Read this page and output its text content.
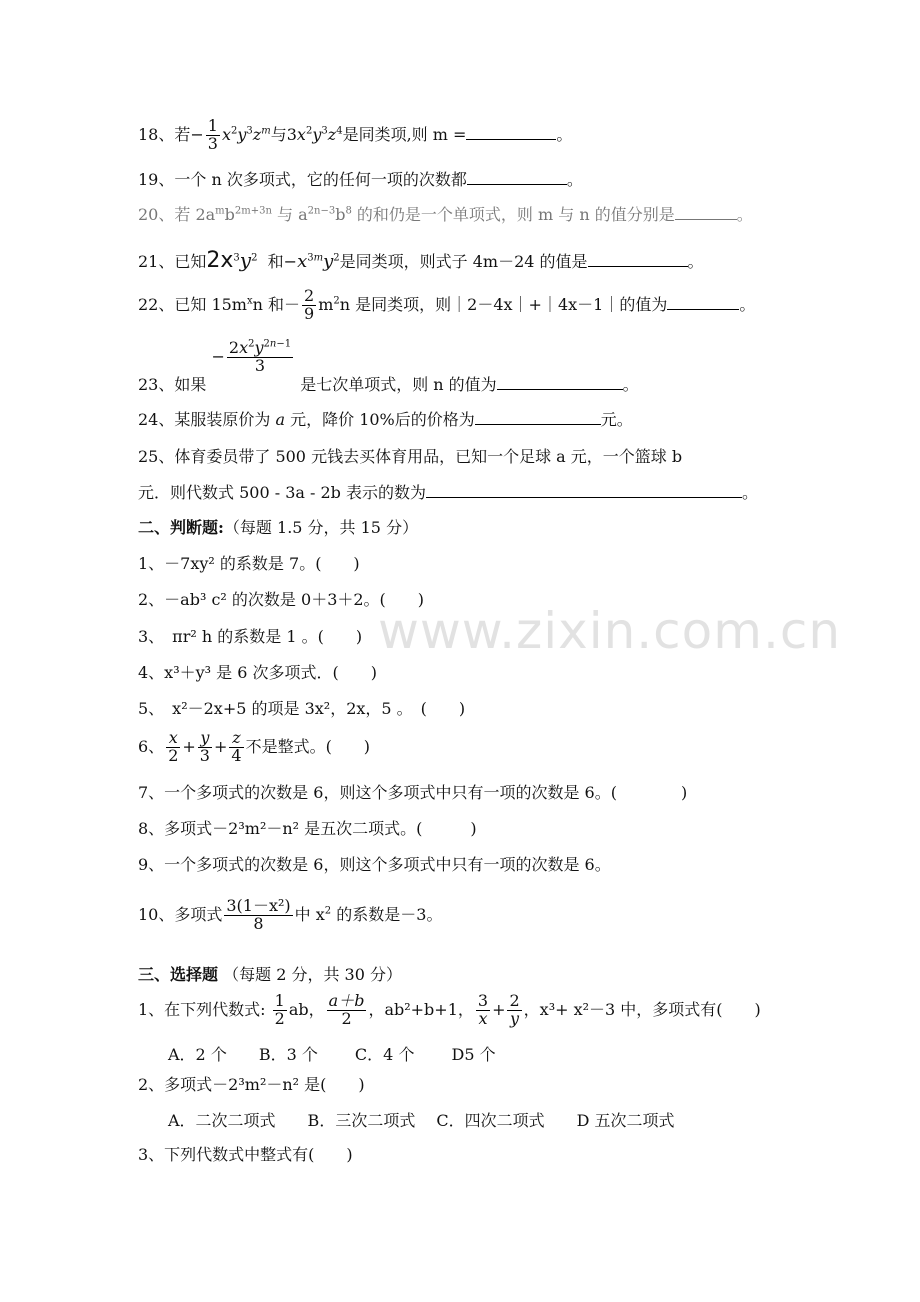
18、若− $\frac{1}{3} x^2y^3z^m$与$3x^2y^3z^4$是同类项,则 m =	。
19、一个 n 次多项式，它的任何一项的次数都	。
20、若 $2a^mb^{2m+3n}$ 与 $a^{2n-3}b^8$ 的和仍是一个单项式，则 m 与 n 的值分别是	。
21、已知$2x^3y^2$ 和$-x^{3m}y^2$是同类项，则式子 4m－24 的值是	。
22、已知 $15m^xn$ 和－ $\frac{2}{9} m^2n$ 是同类项，则｜2－4x｜+｜4x－1｜的值为	。
23、如果 − $\frac{2x^2y^{2n-1}}{3}$
是七次单项式，则 n 的值为	。
24、某服装原价为 a 元，降价 10%后的价格为	元。
25、体育委员带了 500 元钱去买体育用品，已知一个足球 a 元，一个篮球 b
元．则代数式 500 - 3a - 2b 表示的数为	。
二、判断题:（每题 1.5 分，共 15 分）
1、－7xy² 的系数是 7。(　　)
2、－ab³ c² 的次数是 0＋3＋2。(　　)
3、　πr² h 的系数是 1 。(　　)
4、x³＋y³ 是 6 次多项式．(　　)
5、　x²－2x+5 的项是 3x²，2x，5 。　(　　)
6、 $\frac{x}{2} + \frac{y}{3} + \frac{z}{4}$ 不是整式。(　　)
7、一个多项式的次数是 6，则这个多项式中只有一项的次数是 6。(　　　　)
8、多项式－2³m²－n² 是五次二项式。(　　　)
9、一个多项式的次数是 6，则这个多项式中只有一项的次数是 6。
10、多项式 $\frac{\text{3(1－x²)}}{8}$ 中 $x^2$ 的系数是－3。
三、选择题 （每题 2 分，共 30 分）
1、在下列代数式: $\frac{1}{2}$ ab， $\frac{a+b}{2}$ ，ab²+b+1， $\frac{3}{x} + \frac{2}{y}$ ，x³+ x²－3 中，多项式有(　　)
A．2 个　　B．3 个　　 C．4 个　　 D5 个
2、多项式－2³m²－n² 是(　　)
A．二次二项式　　B．三次二项式　 C．四次二项式　　D 五次二项式
3、下列代数式中整式有(　　)
www.zixin.com.cn
